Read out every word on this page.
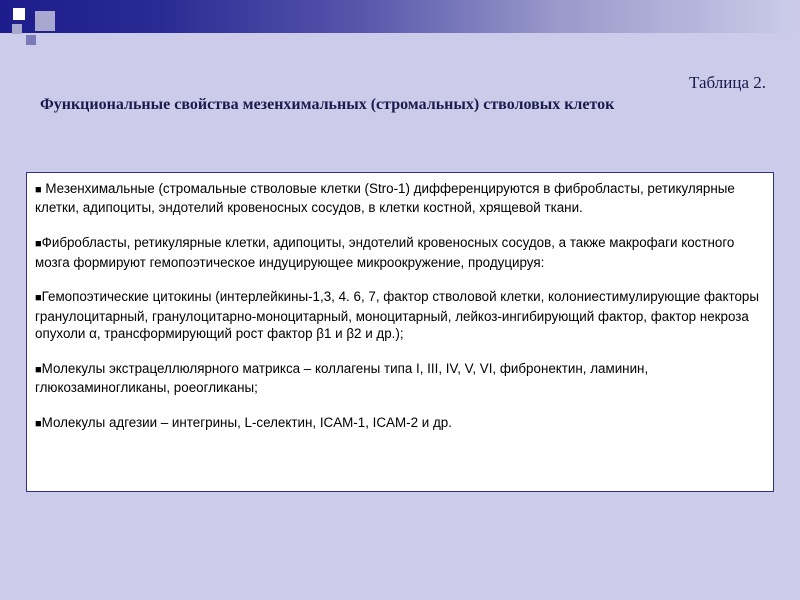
Таблица 2.
Функциональные свойства мезенхимальных (стромальных) стволовых клеток

■ Мезенхимальные (стромальные стволовые клетки (Stro-1) дифференцируются в фибробласты, ретикулярные клетки, адипоциты, эндотелий кровеносных сосудов, в клетки костной, хрящевой ткани.

■Фибробласты, ретикулярные клетки, адипоциты, эндотелий кровеносных сосудов, а также макрофаги костного мозга формируют гемопоэтическое индуцирующее микроокружение, продуцируя:

■Гемопоэтические цитокины (интерлейкины-1,3, 4. 6, 7, фактор стволовой клетки, колониестимулирующие факторы гранулоцитарный, гранулоцитарно-моноцитарный, моноцитарный, лейкоз-ингибирующий фактор, фактор некроза опухоли α, трансформирующий рост фактор β1 и β2 и др.);

■Молекулы экстрацеллюлярного матрикса – коллагены типа I, III, IV, V, VI, фибронектин, ламинин, глюкозаминогликаны, роеогликаны;

■Молекулы адгезии – интегрины, L-селектин, ICAM-1, ICAM-2 и др.
